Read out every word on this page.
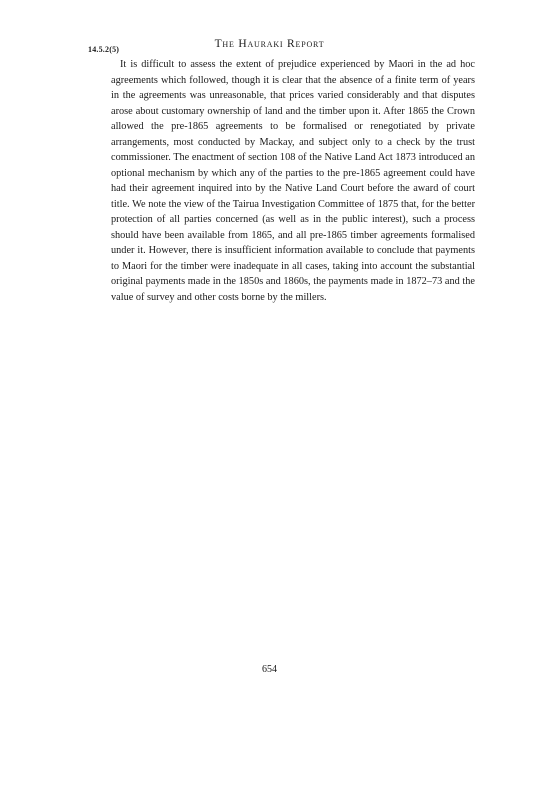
The Hauraki Report
14.5.2(5)

It is difficult to assess the extent of prejudice experienced by Maori in the ad hoc agreements which followed, though it is clear that the absence of a finite term of years in the agreements was unreasonable, that prices varied considerably and that disputes arose about customary ownership of land and the timber upon it. After 1865 the Crown allowed the pre-1865 agreements to be formalised or renegotiated by private arrangements, most conducted by Mackay, and subject only to a check by the trust commissioner. The enactment of section 108 of the Native Land Act 1873 introduced an optional mechanism by which any of the parties to the pre-1865 agreement could have had their agreement inquired into by the Native Land Court before the award of court title. We note the view of the Tairua Investigation Committee of 1875 that, for the better protection of all parties concerned (as well as in the public interest), such a process should have been available from 1865, and all pre-1865 timber agreements formalised under it. However, there is insufficient information available to conclude that payments to Maori for the timber were inadequate in all cases, taking into account the substantial original payments made in the 1850s and 1860s, the payments made in 1872–73 and the value of survey and other costs borne by the millers.

654
